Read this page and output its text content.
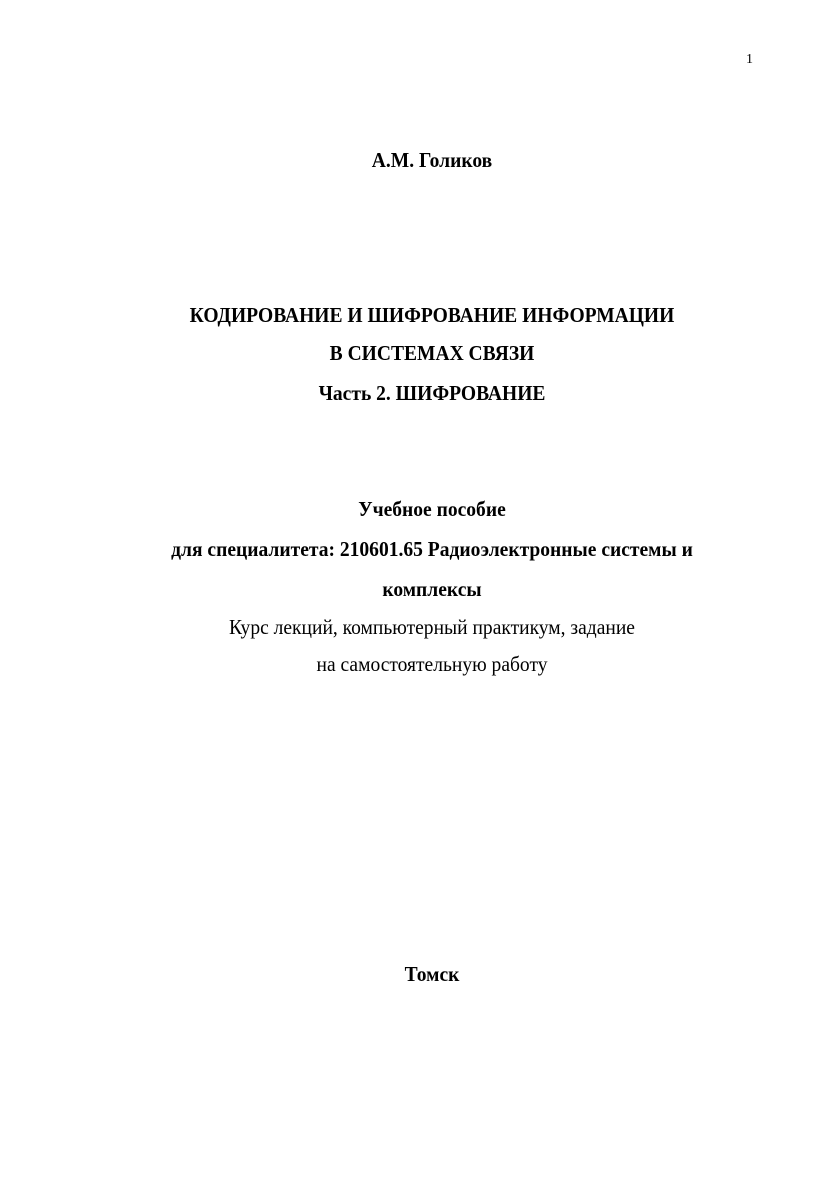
1
А.М. Голиков
КОДИРОВАНИЕ И ШИФРОВАНИЕ ИНФОРМАЦИИ
В СИСТЕМАХ СВЯЗИ
Часть 2. ШИФРОВАНИЕ
Учебное пособие
для специалитета: 210601.65 Радиоэлектронные системы и
комплексы
Курс лекций, компьютерный практикум, задание
на самостоятельную работу
Томск
